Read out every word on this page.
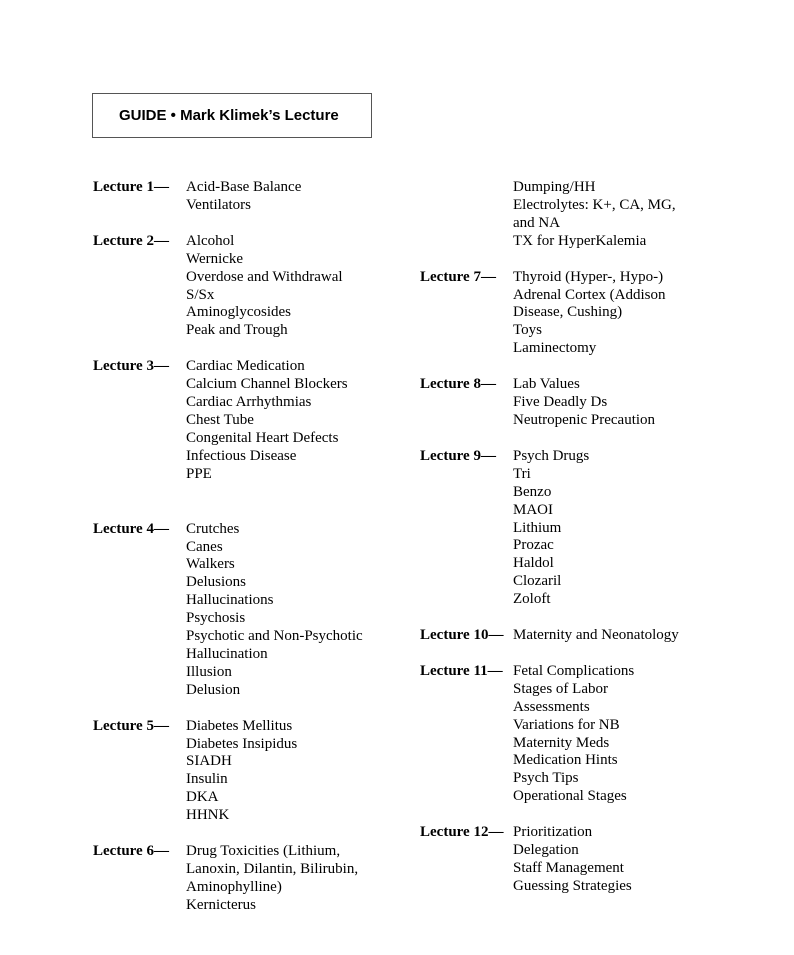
GUIDE • Mark Klimek’s Lecture
Lecture 1—	Acid-Base Balance
Ventilators
Lecture 2—	Alcohol
Wernicke
Overdose and Withdrawal
S/Sx
Aminoglycosides
Peak and Trough
Lecture 3—	Cardiac Medication
Calcium Channel Blockers
Cardiac Arrhythmias
Chest Tube
Congenital Heart Defects
Infectious Disease
PPE
Lecture 4—	Crutches
Canes
Walkers
Delusions
Hallucinations
Psychosis
Psychotic and Non-Psychotic
Hallucination
Illusion
Delusion
Lecture 5—	Diabetes Mellitus
Diabetes Insipidus
SIADH
Insulin
DKA
HHNK
Lecture 6—	Drug Toxicities (Lithium,
Lanoxin, Dilantin, Bilirubin,
Aminophylline)
Kernicterus
Dumping/HH
Electrolytes: K+, CA, MG,
and NA
TX for HyperKalemia
Lecture 7—	Thyroid (Hyper-, Hypo-)
Adrenal Cortex (Addison
Disease, Cushing)
Toys
Laminectomy
Lecture 8—	Lab Values
Five Deadly Ds
Neutropenic Precaution
Lecture 9—	Psych Drugs
Tri
Benzo
MAOI
Lithium
Prozac
Haldol
Clozaril
Zoloft
Lecture 10— Maternity and Neonatology
Lecture 11— Fetal Complications
Stages of Labor
Assessments
Variations for NB
Maternity Meds
Medication Hints
Psych Tips
Operational Stages
Lecture 12— Prioritization
Delegation
Staff Management
Guessing Strategies
